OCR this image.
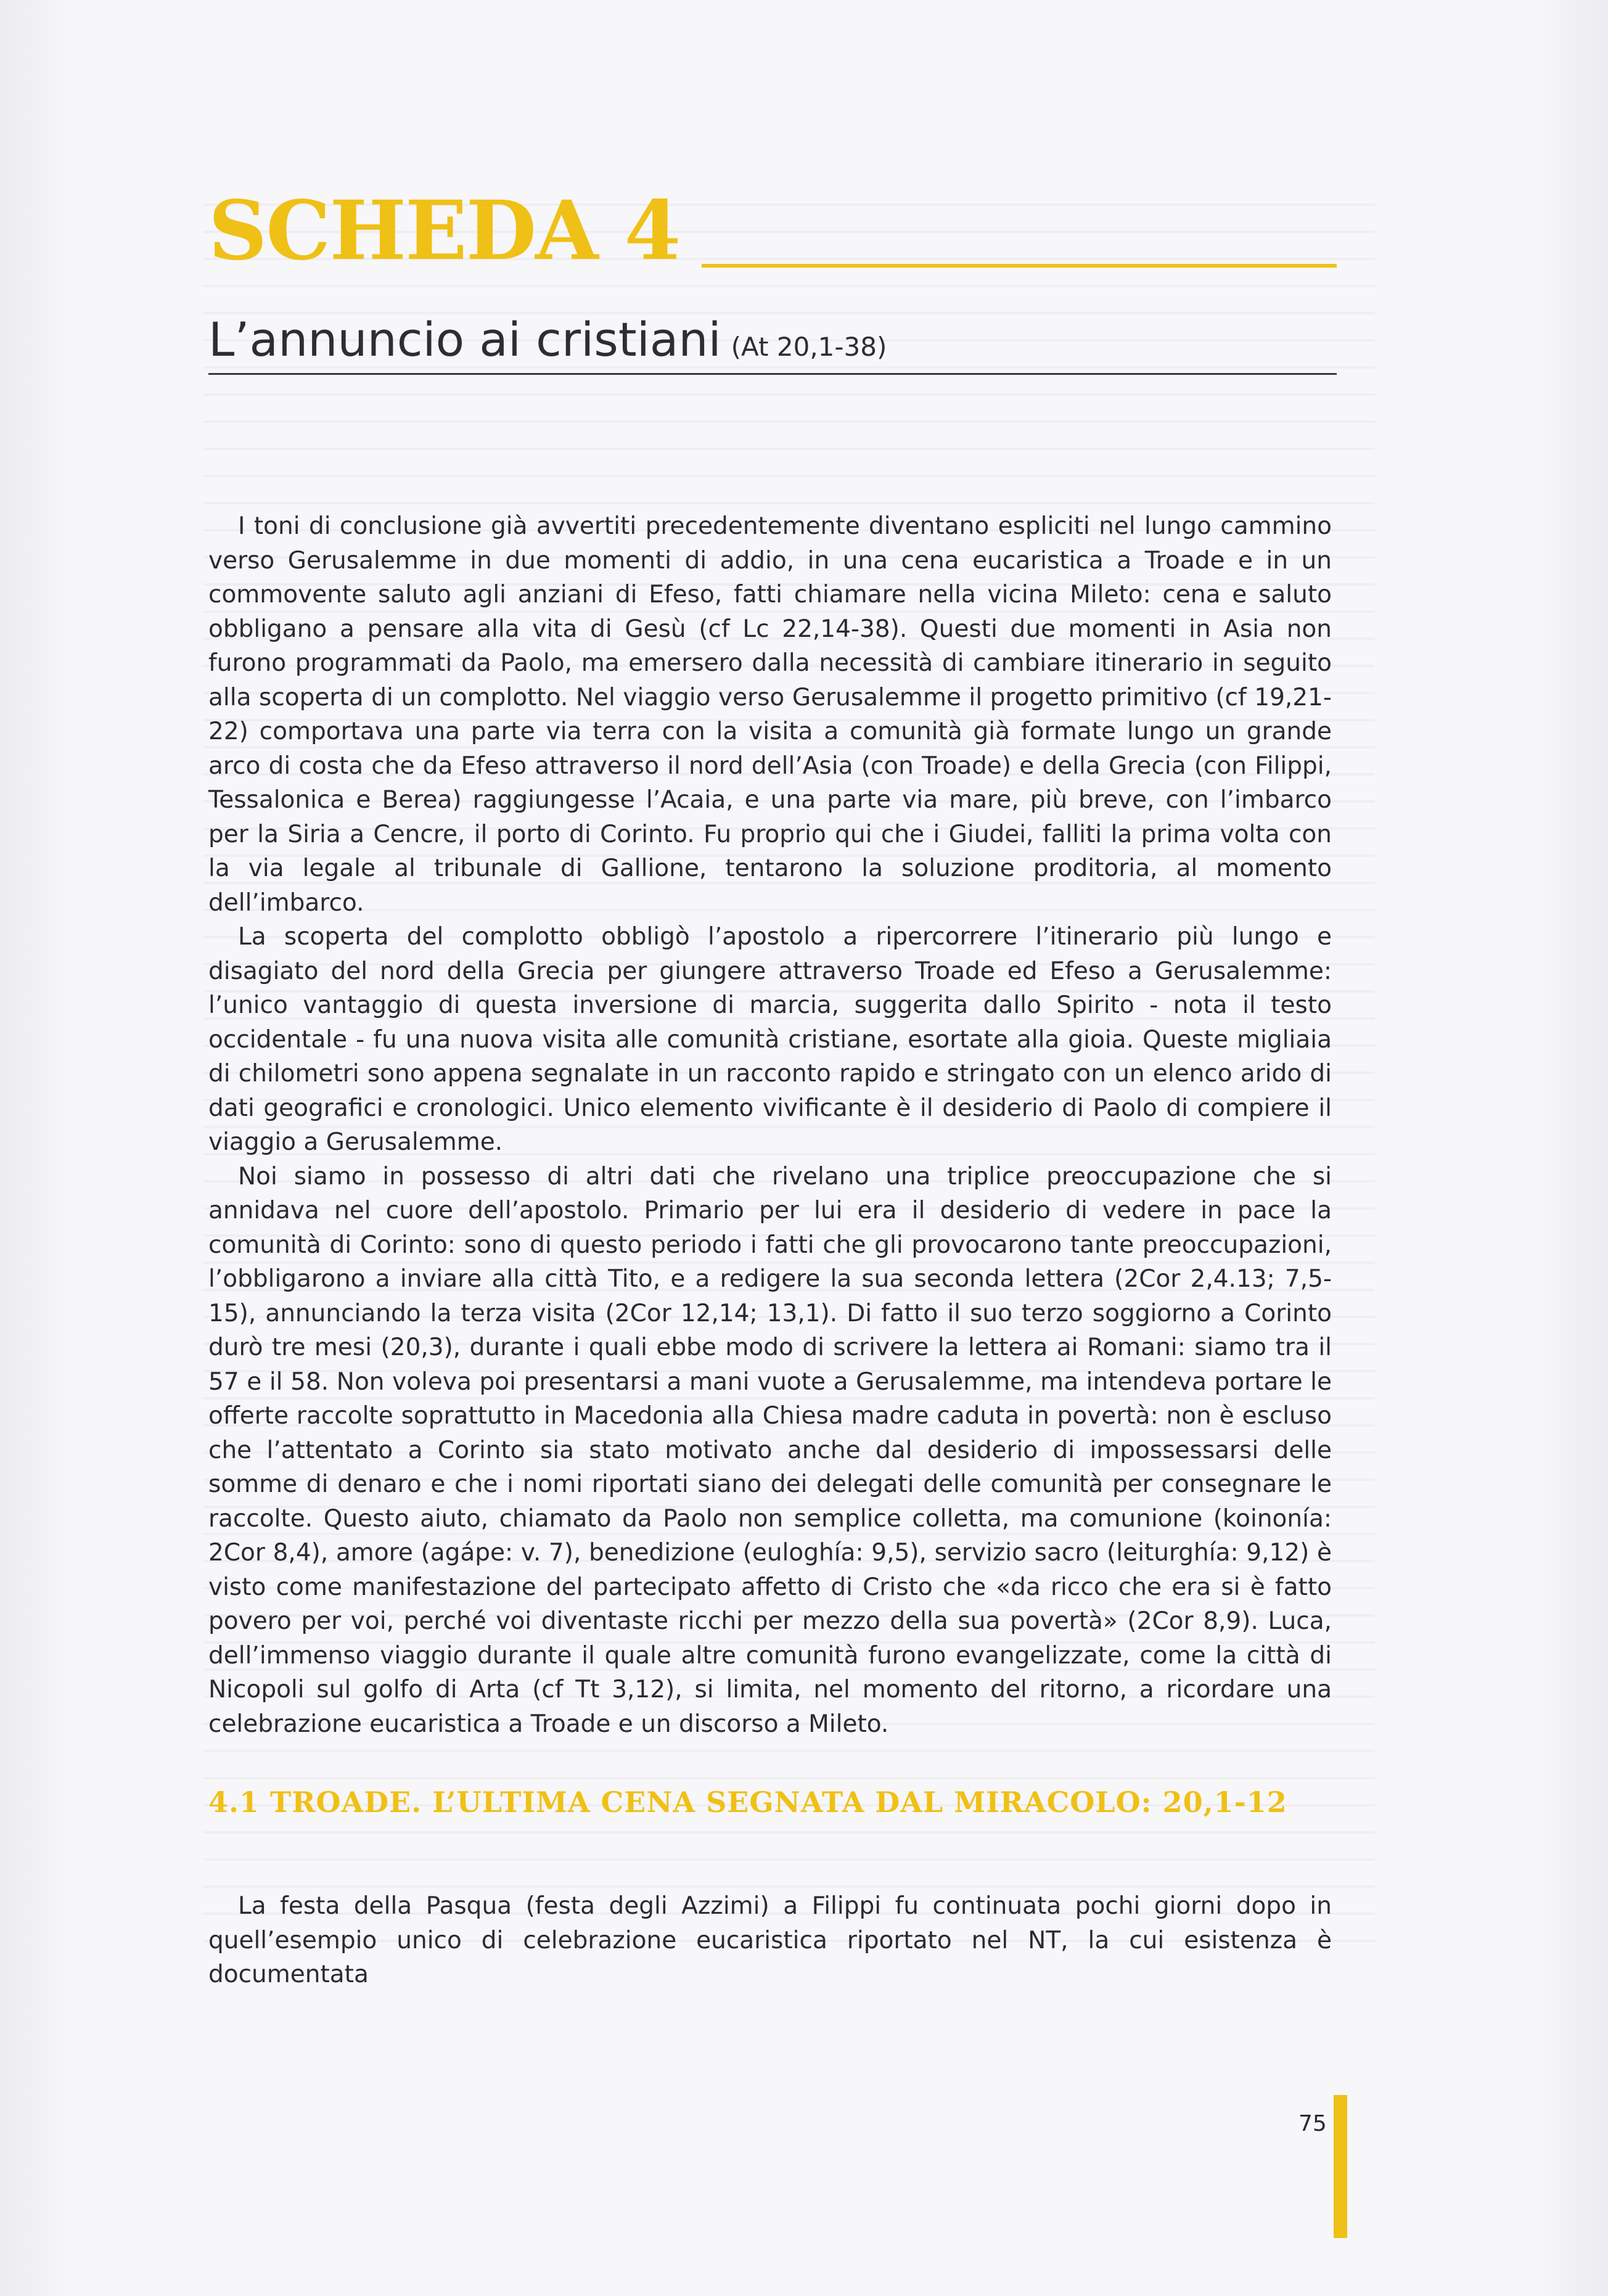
SCHEDA 4
L’annuncio ai cristiani (At 20,1-38)

I toni di conclusione già avvertiti precedentemente diventano espliciti nel lungo cammino verso Gerusalemme in due momenti di addio, in una cena eucaristica a Troade e in un commovente saluto agli anziani di Efeso, fatti chiamare nella vicina Mileto: cena e saluto obbligano a pensare alla vita di Gesù (cf Lc 22,14-38). Questi due momenti in Asia non furono programmati da Paolo, ma emersero dalla necessità di cambiare itinerario in seguito alla scoperta di un complotto. Nel viaggio verso Gerusalemme il progetto primitivo (cf 19,21-22) comportava una parte via terra con la visita a comunità già formate lungo un grande arco di costa che da Efeso attraverso il nord dell’Asia (con Troade) e della Grecia (con Filippi, Tessalonica e Berea) raggiungesse l’Acaia, e una parte via mare, più breve, con l’imbarco per la Siria a Cencre, il porto di Corinto. Fu proprio qui che i Giudei, falliti la prima volta con la via legale al tribunale di Gallione, tentarono la soluzione proditoria, al momento dell’imbarco.

La scoperta del complotto obbligò l’apostolo a ripercorrere l’itinerario più lungo e disagiato del nord della Grecia per giungere attraverso Troade ed Efeso a Gerusalemme: l’unico vantaggio di questa inversione di marcia, suggerita dallo Spirito - nota il testo occidentale - fu una nuova visita alle comunità cristiane, esortate alla gioia. Queste migliaia di chilometri sono appena segnalate in un racconto rapido e stringato con un elenco arido di dati geografici e cronologici. Unico elemento vivificante è il desiderio di Paolo di compiere il viaggio a Gerusalemme.

Noi siamo in possesso di altri dati che rivelano una triplice preoccupazione che si annidava nel cuore dell’apostolo. Primario per lui era il desiderio di vedere in pace la comunità di Corinto: sono di questo periodo i fatti che gli provocarono tante preoccupazioni, l’obbligarono a inviare alla città Tito, e a redigere la sua seconda lettera (2Cor 2,4.13; 7,5-15), annunciando la terza visita (2Cor 12,14; 13,1). Di fatto il suo terzo soggiorno a Corinto durò tre mesi (20,3), durante i quali ebbe modo di scrivere la lettera ai Romani: siamo tra il 57 e il 58. Non voleva poi presentarsi a mani vuote a Gerusalemme, ma intendeva portare le offerte raccolte soprattutto in Macedonia alla Chiesa madre caduta in povertà: non è escluso che l’attentato a Corinto sia stato motivato anche dal desiderio di impossessarsi delle somme di denaro e che i nomi riportati siano dei delegati delle comunità per consegnare le raccolte. Questo aiuto, chiamato da Paolo non semplice colletta, ma comunione (koinonía: 2Cor 8,4), amore (agápe: v. 7), benedizione (euloghía: 9,5), servizio sacro (leiturghía: 9,12) è visto come manifestazione del partecipato affetto di Cristo che «da ricco che era si è fatto povero per voi, perché voi diventaste ricchi per mezzo della sua povertà» (2Cor 8,9). Luca, dell’immenso viaggio durante il quale altre comunità furono evangelizzate, come la città di Nicopoli sul golfo di Arta (cf Tt 3,12), si limita, nel momento del ritorno, a ricordare una celebrazione eucaristica a Troade e un discorso a Mileto.

4.1 TROADE. L’ULTIMA CENA SEGNATA DAL MIRACOLO: 20,1-12

La festa della Pasqua (festa degli Azzimi) a Filippi fu continuata pochi giorni dopo in quell’esempio unico di celebrazione eucaristica riportato nel NT, la cui esistenza è documentata

75
